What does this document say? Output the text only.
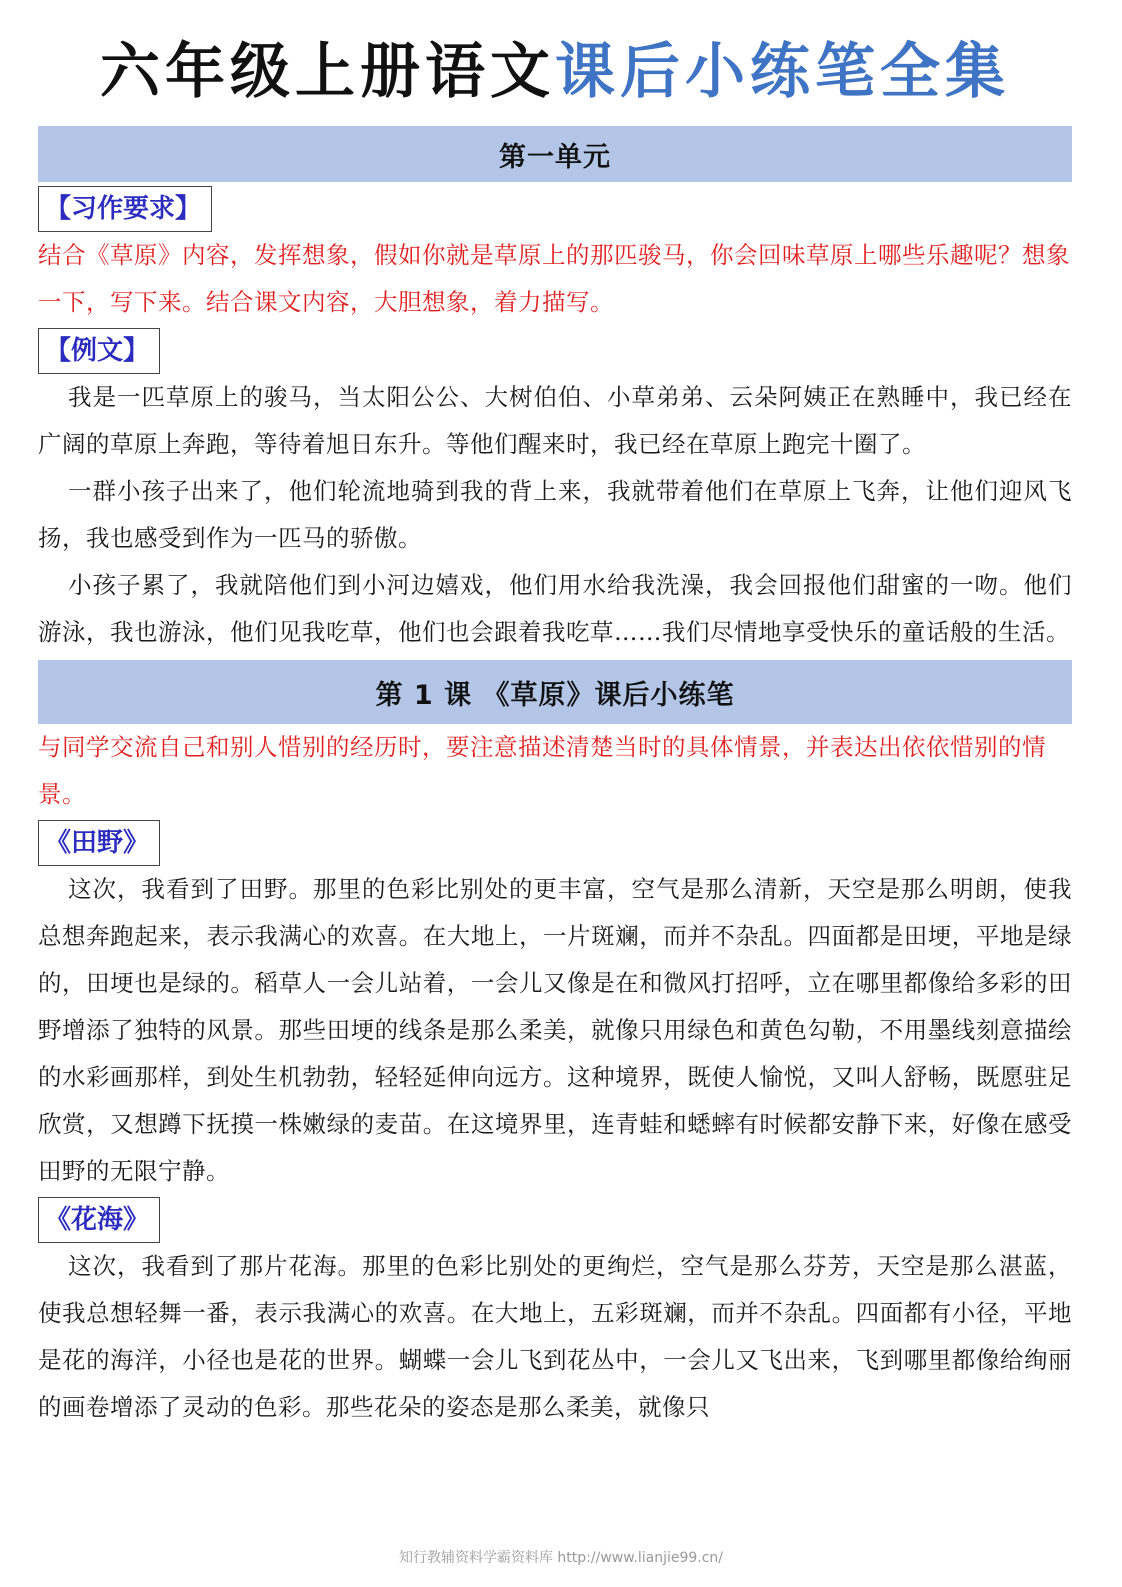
六年级上册语文 课后小练笔全集
第一单元
【习作要求】

结合《草原》内容，发挥想象，假如你就是草原上的那匹骏马，你会回味草原上哪些乐趣呢？想象一下，写下来。结合课文内容，大胆想象，着力描写。

【例文】

我是一匹草原上的骏马，当太阳公公、大树伯伯、小草弟弟、云朵阿姨正在熟睡中，我已经在广阔的草原上奔跑，等待着旭日东升。等他们醒来时，我已经在草原上跑完十圈了。

一群小孩子出来了，他们轮流地骑到我的背上来，我就带着他们在草原上飞奔，让他们迎风飞扬，我也感受到作为一匹马的骄傲。

小孩子累了，我就陪他们到小河边嬉戏，他们用水给我洗澡，我会回报他们甜蜜的一吻。他们游泳，我也游泳，他们见我吃草，他们也会跟着我吃草……我们尽情地享受快乐的童话般的生活。

第 1 课 《草原》课后小练笔

与同学交流自己和别人惜别的经历时，要注意描述清楚当时的具体情景，并表达出依依惜别的情景。

《田野》

这次，我看到了田野。那里的色彩比别处的更丰富，空气是那么清新，天空是那么明朗，使我总想奔跑起来，表示我满心的欢喜。在大地上，一片斑斓，而并不杂乱。四面都是田埂，平地是绿的，田埂也是绿的。稻草人一会儿站着，一会儿又像是在和微风打招呼，立在哪里都像给多彩的田野增添了独特的风景。那些田埂的线条是那么柔美，就像只用绿色和黄色勾勒，不用墨线刻意描绘的水彩画那样，到处生机勃勃，轻轻延伸向远方。这种境界，既使人愉悦，又叫人舒畅，既愿驻足欣赏，又想蹲下抚摸一株嫩绿的麦苗。在这境界里，连青蛙和蟋蟀有时候都安静下来，好像在感受田野的无限宁静。

《花海》

这次，我看到了那片花海。那里的色彩比别处的更绚烂，空气是那么芬芳，天空是那么湛蓝，使我总想轻舞一番，表示我满心的欢喜。在大地上，五彩斑斓，而并不杂乱。四面都有小径，平地是花的海洋，小径也是花的世界。蝴蝶一会儿飞到花丛中，一会儿又飞出来，飞到哪里都像给绚丽的画卷增添了灵动的色彩。那些花朵的姿态是那么柔美，就像只

知行教辅资料学霸资料库 http://www.lianjie99.cn/
